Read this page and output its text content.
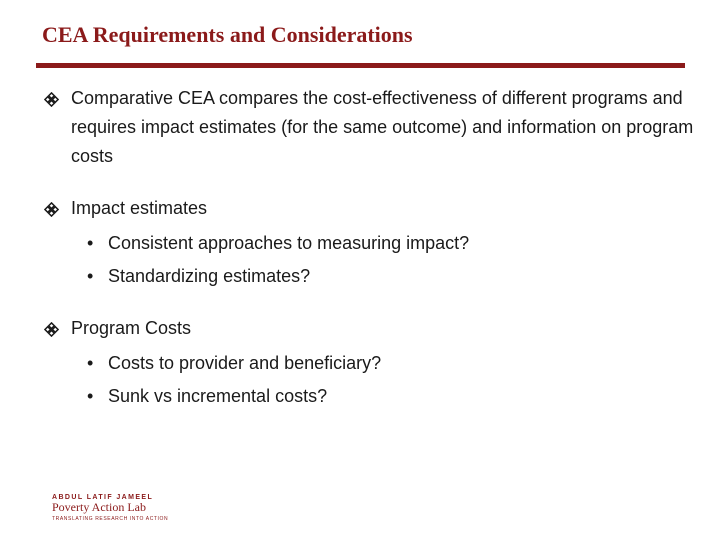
CEA Requirements and Considerations
Comparative CEA compares the cost-effectiveness of different programs and requires impact estimates (for the same outcome) and information on program costs
Impact estimates
• Consistent approaches to measuring impact?
• Standardizing estimates?
Program Costs
• Costs to provider and beneficiary?
• Sunk vs incremental costs?
ABDUL LATIF JAMEEL
Poverty Action Lab
TRANSLATING RESEARCH INTO ACTION
